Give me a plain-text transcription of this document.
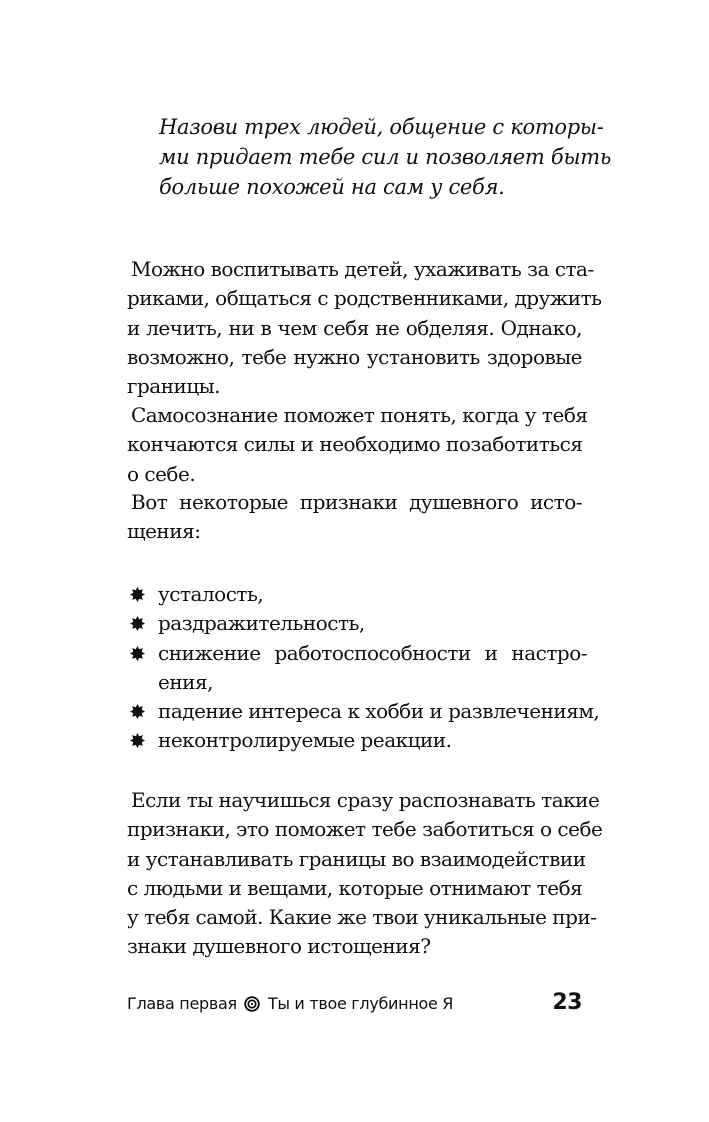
Назови трех людей, общение с которы-
ми придает тебе сил и позволяет быть
больше похожей на сам у себя.
Можно воспитывать детей, ухаживать за ста-
риками, общаться с родственниками, дружить
и лечить, ни в чем себя не обделяя. Однако,
возможно, тебе нужно установить здоровые
границы.
Самосознание поможет понять, когда у тебя
кончаются силы и необходимо позаботиться
о себе.
Вот некоторые признаки душевного исто-
щения:
усталость,
раздражительность,
снижение работоспособности и настро-
ения,
падение интереса к хобби и развлечениям,
неконтролируемые реакции.
Если ты научишься сразу распознавать такие
признаки, это поможет тебе заботиться о себе
и устанавливать границы во взаимодействии
с людьми и вещами, которые отнимают тебя
у тебя самой. Какие же твои уникальные при-
знаки душевного истощения?
Глава первая Ты и твое глубинное Я	23
